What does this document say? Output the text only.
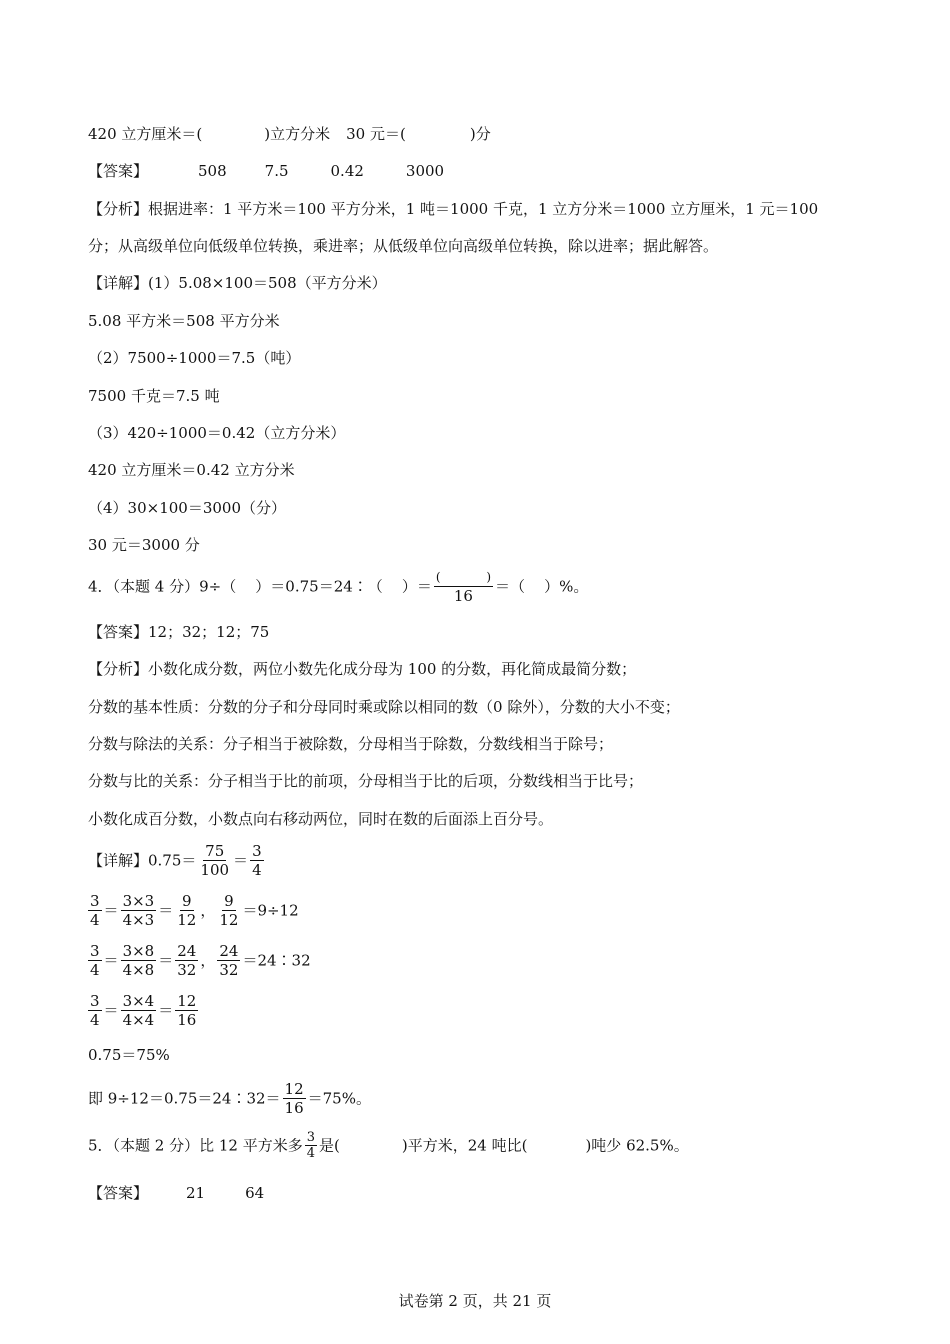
420 立方厘米＝(	)立方分米 30 元＝(	)分
【答案】	508	7.5	0.42	3000
【分析】根据进率：1 平方米＝100 平方分米，1 吨＝1000 千克，1 立方分米＝1000 立方厘米，1 元＝100
分；从高级单位向低级单位转换，乘进率；从低级单位向高级单位转换，除以进率；据此解答。
【详解】(1）5.08×100＝508（平方分米）
5.08 平方米＝508 平方分米
（2）7500÷1000＝7.5（吨）
7500 千克＝7.5 吨
（3）420÷1000＝0.42（立方分米）
420 立方厘米＝0.42 立方分米
（4）30×100＝3000（分）
30 元＝3000 分
4．（本题 4 分）9÷（    ）＝0.75＝24∶（    ）＝ $\frac{( )}{16}$ ＝（    ）%。
【答案】12；32；12；75
【分析】小数化成分数，两位小数先化成分母为 100 的分数，再化简成最简分数；
分数的基本性质：分数的分子和分母同时乘或除以相同的数（0 除外），分数的大小不变；
分数与除法的关系：分子相当于被除数，分母相当于除数，分数线相当于除号；
分数与比的关系：分子相当于比的前项，分母相当于比的后项，分数线相当于比号；
小数化成百分数，小数点向右移动两位，同时在数的后面添上百分号。
【详解】$0.75= \frac{75}{100} = \frac{3}{4}$
$\frac{3}{4} = \frac{3\times 3}{4\times 3} = \frac{9}{12}$ ， $\frac{9}{12} =9\div 12$
$\frac{3}{4} = \frac{3\times 8}{4\times 8} = \frac{24}{32}$ ， $\frac{24}{32}$ ＝24∶32
$\frac{3}{4} = \frac{3\times 4}{4\times 4} = \frac{12}{16}$
0.75＝75%
即 9÷12＝0.75＝24∶32＝ $\frac{12}{16} =75\%$。
5．（本题 2 分）比 12 平方米多 $\frac{3}{4}$ 是(	)平方米，24 吨比(	)吨少 62.5%。
【答案】	21	64
试卷第 2 页，共 21 页
